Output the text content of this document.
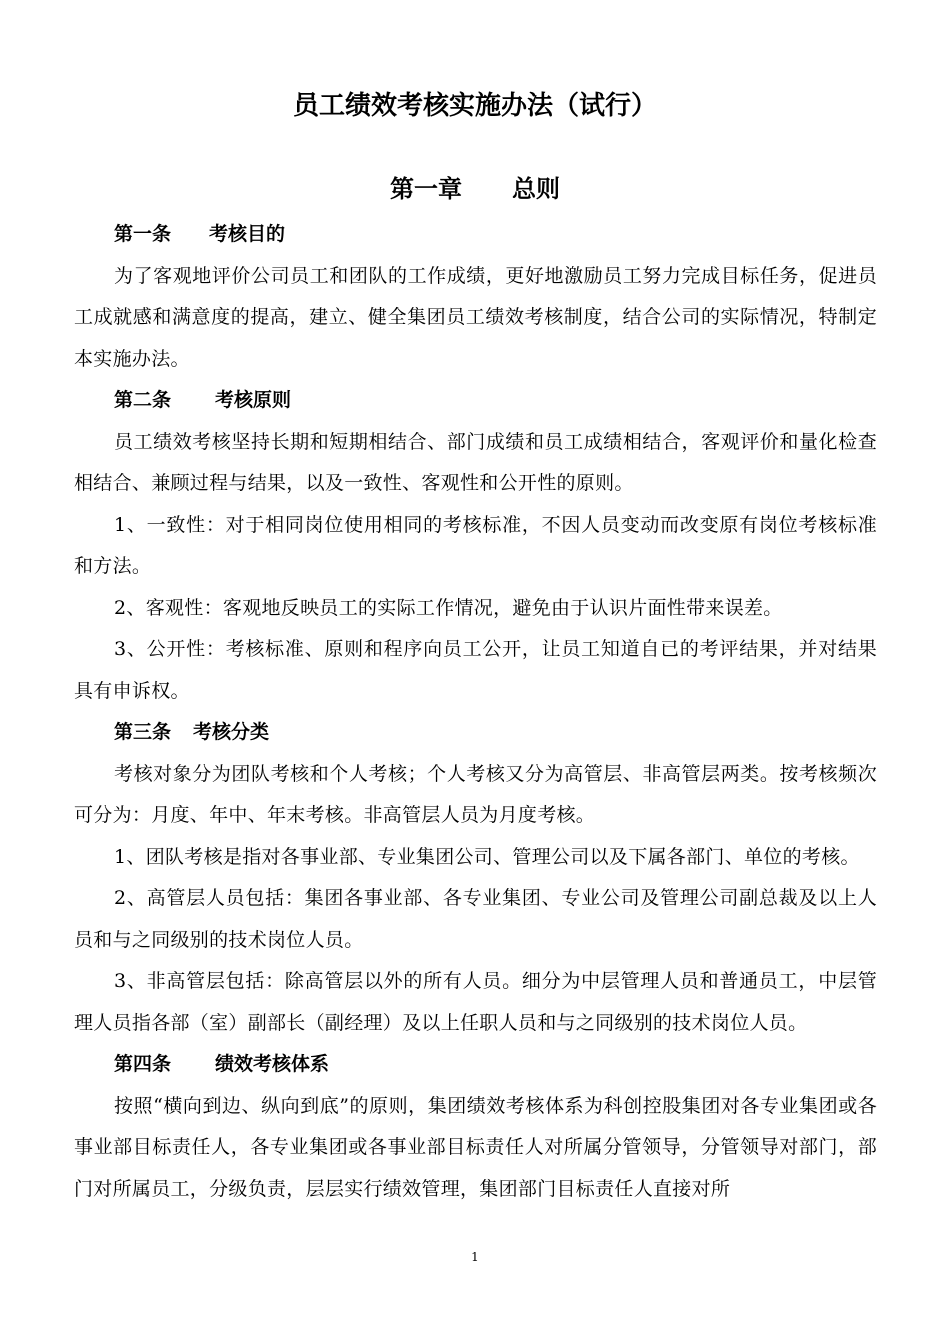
员工绩效考核实施办法（试行）
第一章 总则
第一条 考核目的

为了客观地评价公司员工和团队的工作成绩，更好地激励员工努力完成目标任务，促进员工成就感和满意度的提高，建立、健全集团员工绩效考核制度，结合公司的实际情况，特制定本实施办法。

第二条 考核原则

员工绩效考核坚持长期和短期相结合、部门成绩和员工成绩相结合，客观评价和量化检查相结合、兼顾过程与结果，以及一致性、客观性和公开性的原则。

1、一致性：对于相同岗位使用相同的考核标准，不因人员变动而改变原有岗位考核标准和方法。

2、客观性：客观地反映员工的实际工作情况，避免由于认识片面性带来误差。

3、公开性：考核标准、原则和程序向员工公开，让员工知道自已的考评结果，并对结果具有申诉权。

第三条 考核分类

考核对象分为团队考核和个人考核；个人考核又分为高管层、非高管层两类。按考核频次可分为：月度、年中、年末考核。非高管层人员为月度考核。

1、团队考核是指对各事业部、专业集团公司、管理公司以及下属各部门、单位的考核。

2、高管层人员包括：集团各事业部、各专业集团、专业公司及管理公司副总裁及以上人员和与之同级别的技术岗位人员。

3、非高管层包括：除高管层以外的所有人员。细分为中层管理人员和普通员工，中层管理人员指各部（室）副部长（副经理）及以上任职人员和与之同级别的技术岗位人员。

第四条 绩效考核体系

按照“横向到边、纵向到底”的原则，集团绩效考核体系为科创控股集团对各专业集团或各事业部目标责任人，各专业集团或各事业部目标责任人对所属分管领导，分管领导对部门，部门对所属员工，分级负责，层层实行绩效管理，集团部门目标责任人直接对所

1
